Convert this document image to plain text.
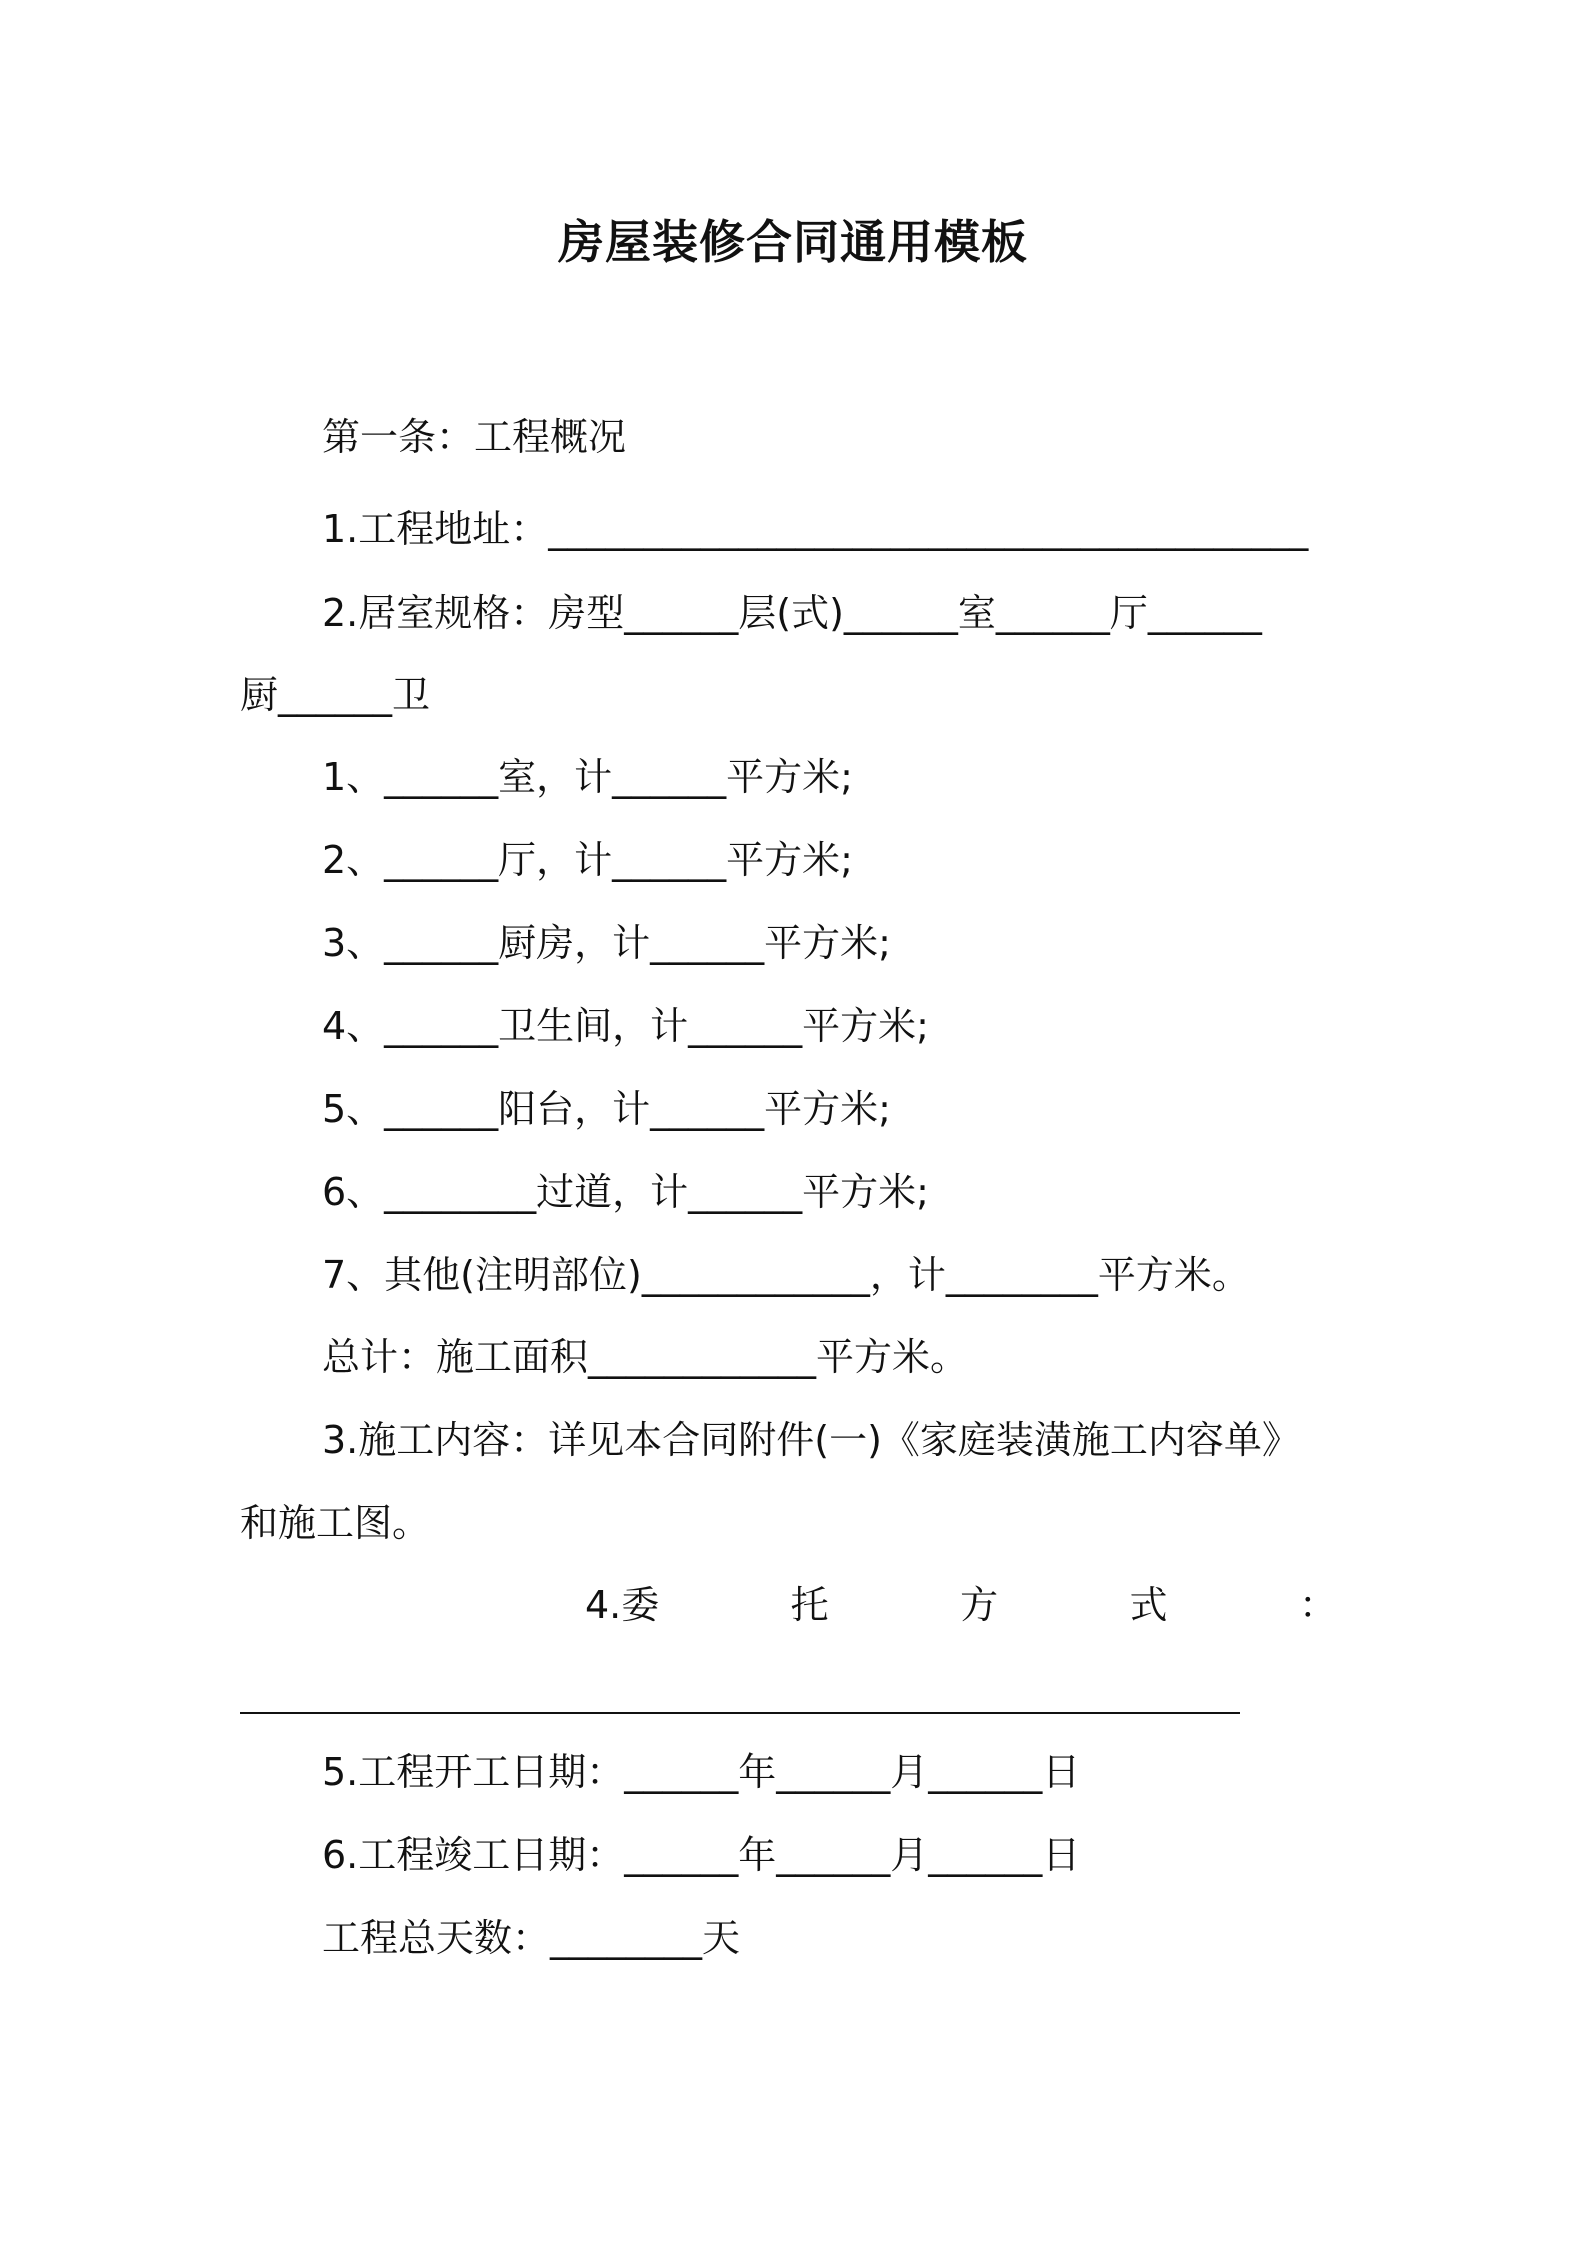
房屋装修合同通用模板
第一条：工程概况
1.工程地址：________________________________________
2.居室规格：房型______层(式)______室______厅______
厨______卫
1、______室，计______平方米;
2、______厅，计______平方米;
3、______厨房，计______平方米;
4、______卫生间，计______平方米;
5、______阳台，计______平方米;
6、________过道，计______平方米;
7、其他(注明部位)____________，计________平方米。
总计：施工面积____________平方米。
3.施工内容：详见本合同附件(一)《家庭装潢施工内容单》
和施工图。
4.委	托	方	式	：
5.工程开工日期：______年______月______日
6.工程竣工日期：______年______月______日
工程总天数：________天
